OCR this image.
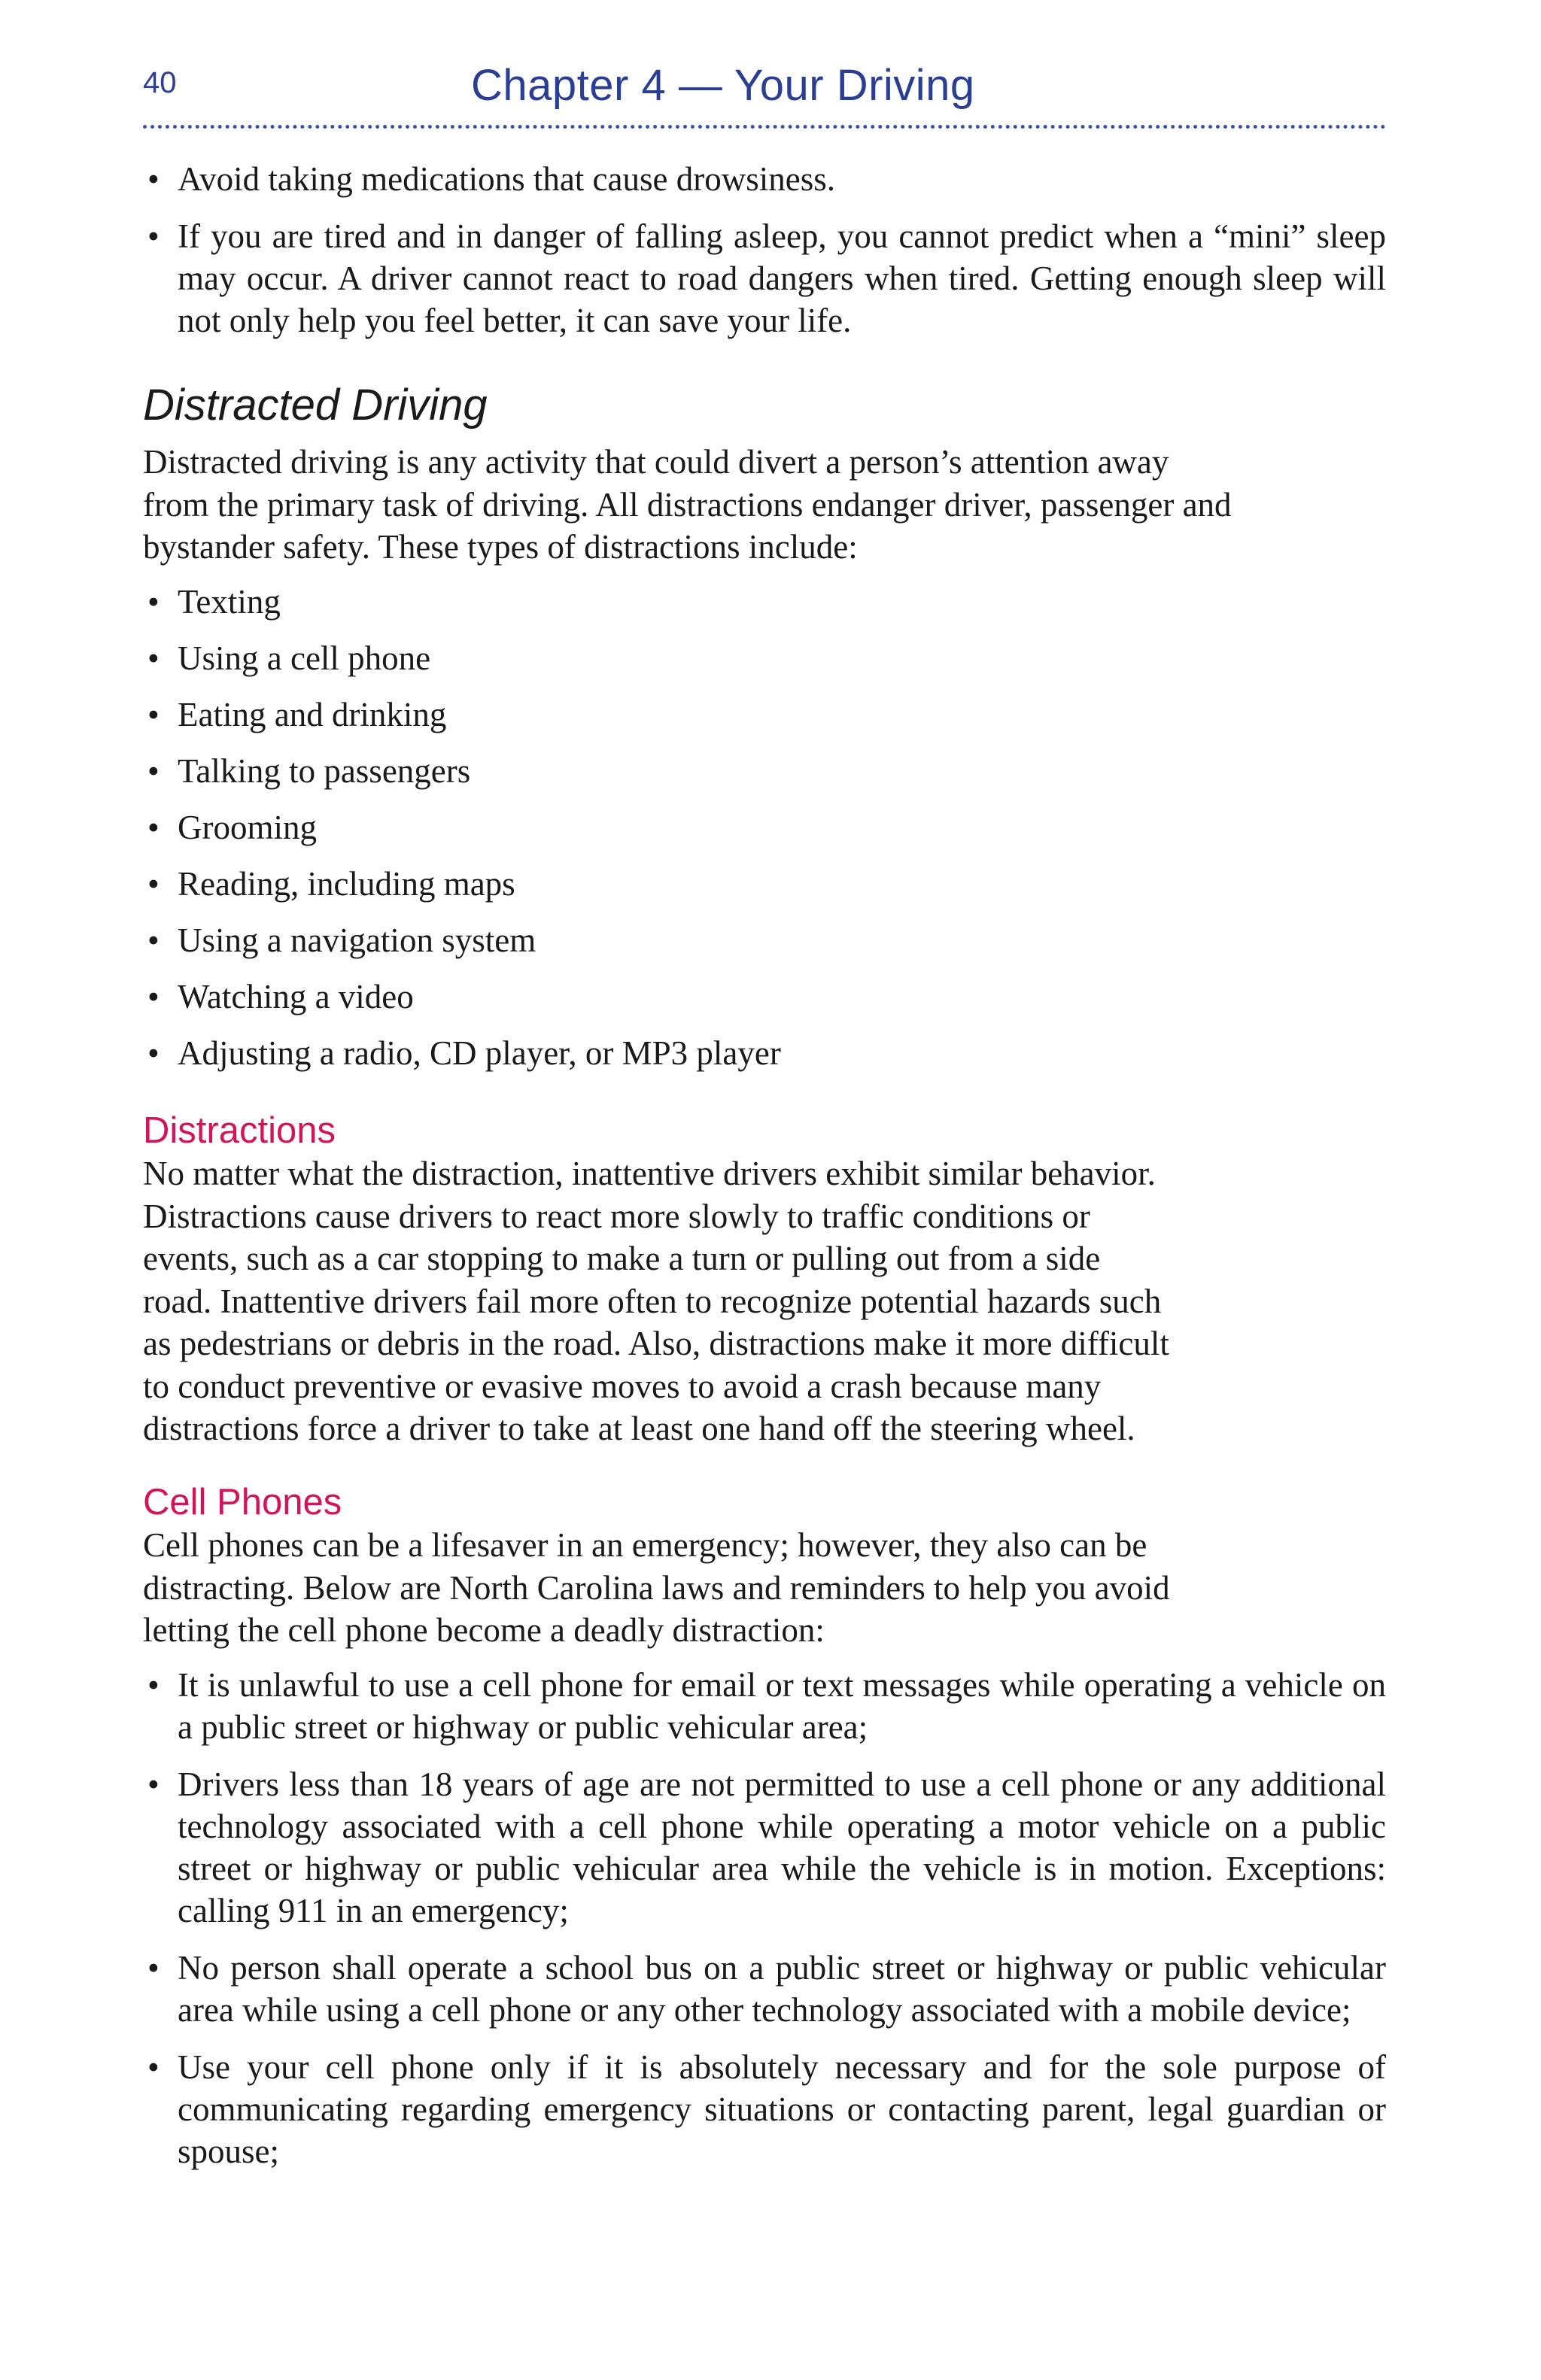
40	Chapter 4 — Your Driving
• Avoid taking medications that cause drowsiness.
• If you are tired and in danger of falling asleep, you cannot predict when a “mini” sleep may occur. A driver cannot react to road dangers when tired. Getting enough sleep will not only help you feel better, it can save your life.
Distracted Driving

Distracted driving is any activity that could divert a person’s attention away
from the primary task of driving. All distractions endanger driver, passenger and
bystander safety. These types of distractions include:

• Texting
• Using a cell phone
• Eating and drinking
• Talking to passengers
• Grooming
• Reading, including maps
• Using a navigation system
• Watching a video
• Adjusting a radio, CD player, or MP3 player
Distractions

No matter what the distraction, inattentive drivers exhibit similar behavior.
Distractions cause drivers to react more slowly to traffic conditions or
events, such as a car stopping to make a turn or pulling out from a side
road. Inattentive drivers fail more often to recognize potential hazards such
as pedestrians or debris in the road. Also, distractions make it more difficult
to conduct preventive or evasive moves to avoid a crash because many
distractions force a driver to take at least one hand off the steering wheel.

Cell Phones

Cell phones can be a lifesaver in an emergency; however, they also can be
distracting. Below are North Carolina laws and reminders to help you avoid
letting the cell phone become a deadly distraction:

• It is unlawful to use a cell phone for email or text messages while operating a vehicle on a public street or highway or public vehicular area;
• Drivers less than 18 years of age are not permitted to use a cell phone or any additional technology associated with a cell phone while operating a motor vehicle on a public street or highway or public vehicular area while the vehicle is in motion. Exceptions: calling 911 in an emergency;
• No person shall operate a school bus on a public street or highway or public vehicular area while using a cell phone or any other technology associated with a mobile device;
• Use your cell phone only if it is absolutely necessary and for the sole purpose of communicating regarding emergency situations or contacting parent, legal guardian or spouse;
